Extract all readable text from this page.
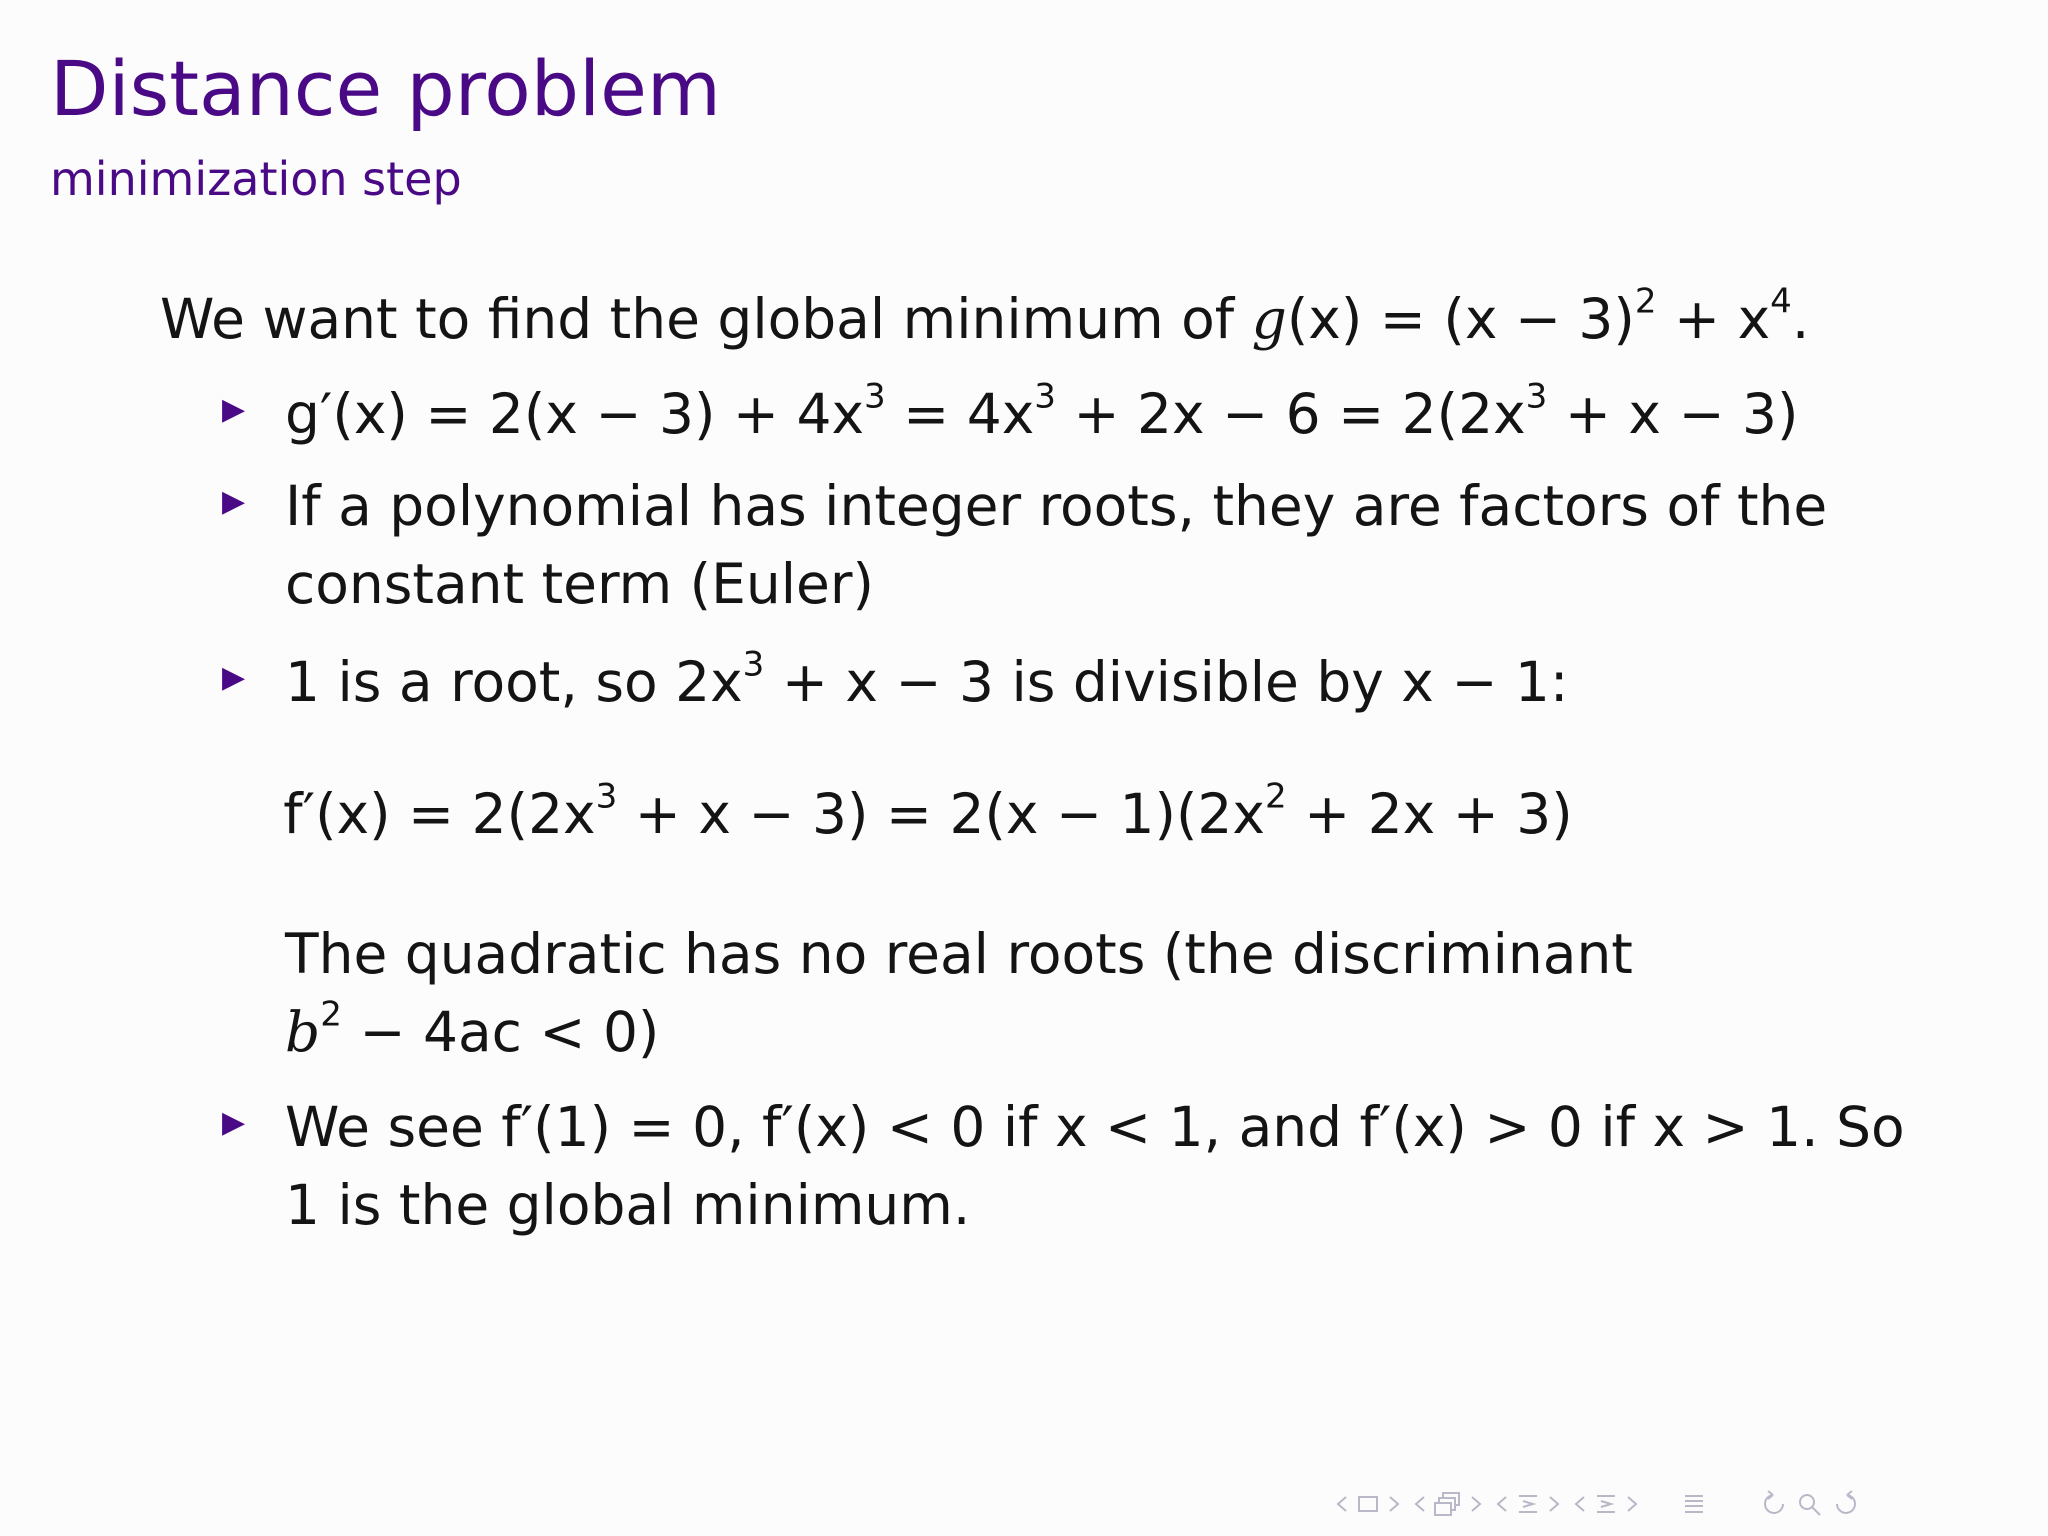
Distance problem
minimization step
We want to find the global minimum of $g(x) = (x - 3)^2 + x^4$.
▶ $g'(x) = 2(x - 3) + 4x^3 = 4x^3 + 2x - 6 = 2(2x^3 + x - 3)$
▶ If a polynomial has integer roots, they are factors of the
constant term (Euler)
▶ 1 is a root, so $2x^3 + x - 3$ is divisible by x − 1:
$f'(x) = 2(2x^3 + x - 3) = 2(x - 1)(2x^2 + 2x + 3)$
The quadratic has no real roots (the discriminant
$b^2 - 4ac < 0$)
▶ We see f′(1) = 0, f′(x) < 0 if x < 1, and f′(x) > 0 if x > 1. So
1 is the global minimum.
